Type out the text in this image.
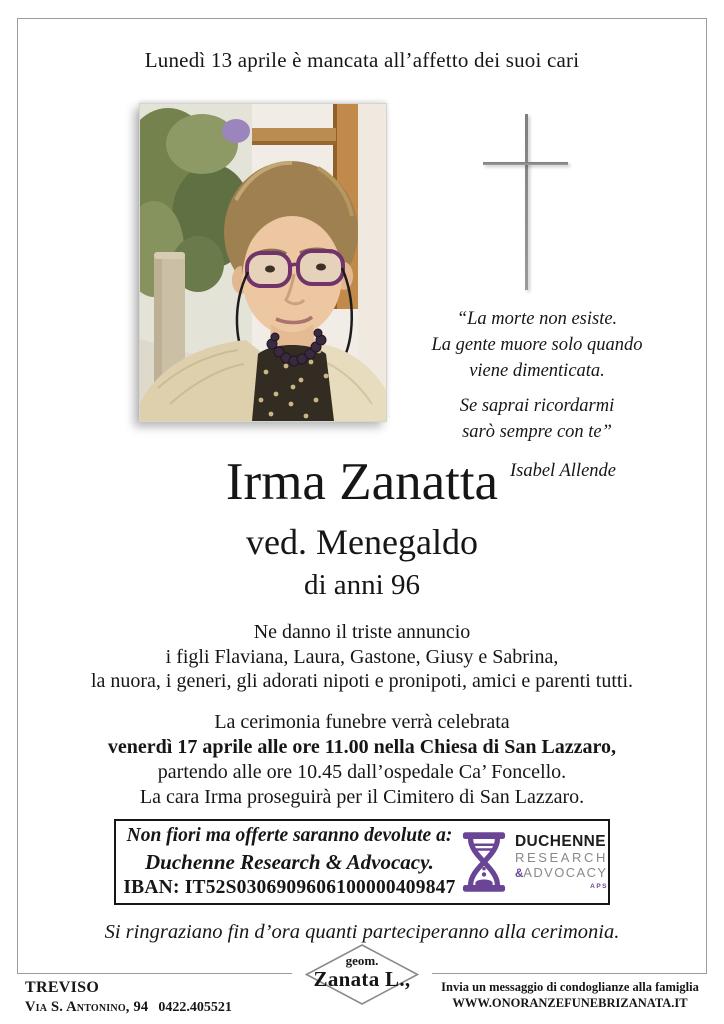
Lunedì 13 aprile è mancata all’affetto dei suoi cari
“La morte non esiste.
La gente muore solo quando
viene dimenticata.
Se saprai ricordarmi
sarò sempre con te”
Isabel Allende
Irma Zanatta
ved. Menegaldo
di anni 96
Ne danno il triste annuncio
i figli Flaviana, Laura, Gastone, Giusy e Sabrina,
la nuora, i generi, gli adorati nipoti e pronipoti, amici e parenti tutti.
La cerimonia funebre verrà celebrata
venerdì 17 aprile alle ore 11.00 nella Chiesa di San Lazzaro,
partendo alle ore 10.45 dall’ospedale Ca’ Foncello.
La cara Irma proseguirà per il Cimitero di San Lazzaro.
Non fiori ma offerte saranno devolute a:
Duchenne Research & Advocacy.
IBAN: IT52S0306909606100000409847
DUCHENNE
RESEARCH
&ADVOCACY
APS
Si ringraziano fin d’ora quanti parteciperanno alla cerimonia.
geom.
Zanata L.,
TREVISO
Via S. Antonino, 94 0422.405521
Invia un messaggio di condoglianze alla famiglia
WWW.ONORANZEFUNEBRIZANATA.IT
